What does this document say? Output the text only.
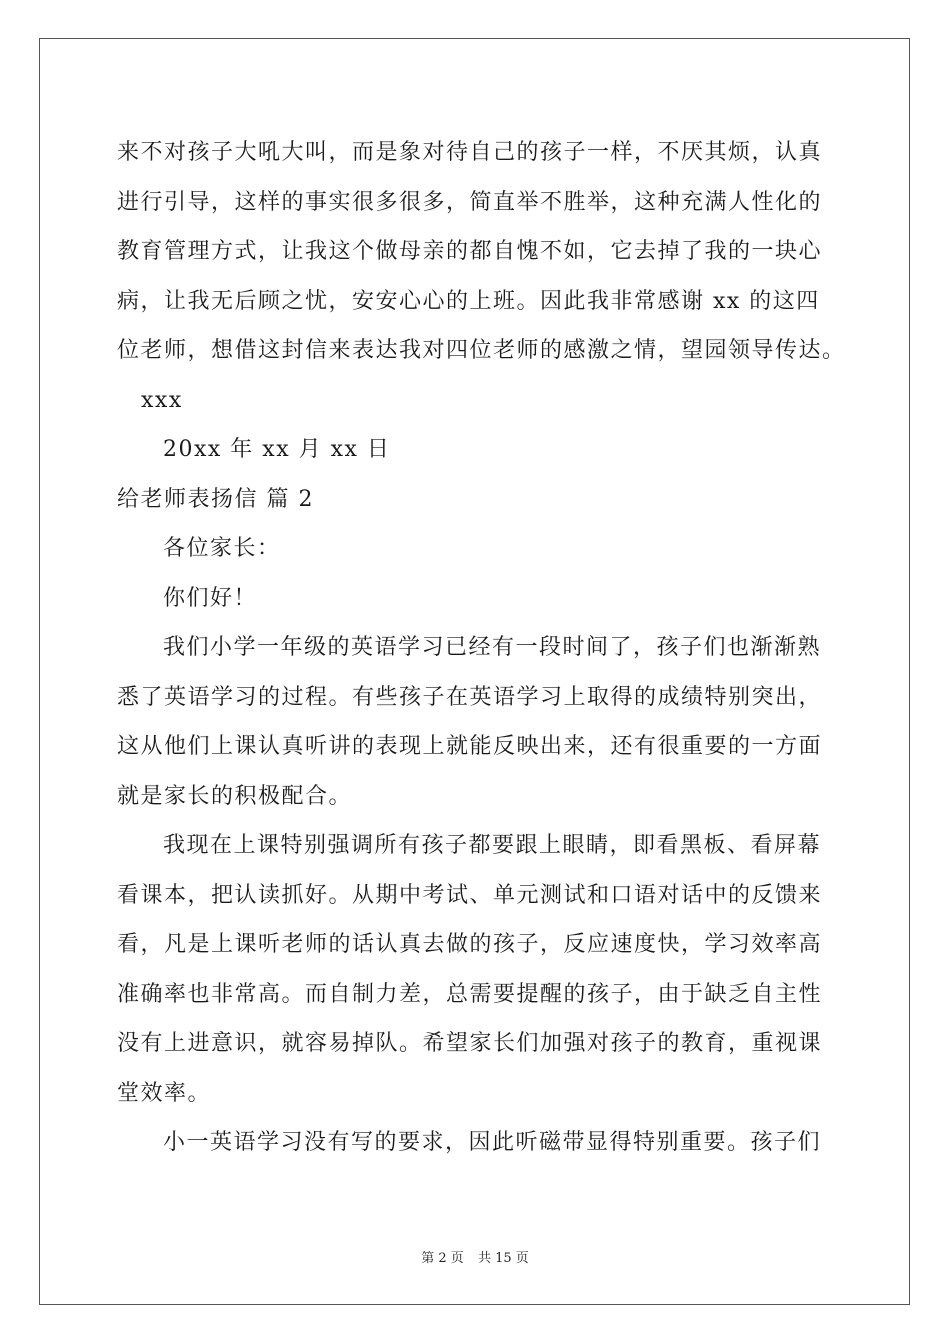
来不对孩子大吼大叫，而是象对待自己的孩子一样，不厌其烦，认真
进行引导，这样的事实很多很多，简直举不胜举，这种充满人性化的
教育管理方式，让我这个做母亲的都自愧不如，它去掉了我的一块心
病，让我无后顾之忧，安安心心的上班。因此我非常感谢 xx 的这四
位老师，想借这封信来表达我对四位老师的感激之情，望园领导传达。
xxx
20xx 年 xx 月 xx 日
给老师表扬信 篇 2
各位家长：
你们好！
我们小学一年级的英语学习已经有一段时间了，孩子们也渐渐熟
悉了英语学习的过程。有些孩子在英语学习上取得的成绩特别突出，
这从他们上课认真听讲的表现上就能反映出来，还有很重要的一方面
就是家长的积极配合。
我现在上课特别强调所有孩子都要跟上眼睛，即看黑板、看屏幕
看课本，把认读抓好。从期中考试、单元测试和口语对话中的反馈来
看，凡是上课听老师的话认真去做的孩子，反应速度快，学习效率高
准确率也非常高。而自制力差，总需要提醒的孩子，由于缺乏自主性
没有上进意识，就容易掉队。希望家长们加强对孩子的教育，重视课
堂效率。
小一英语学习没有写的要求，因此听磁带显得特别重要。孩子们
第 2 页 共 15 页
